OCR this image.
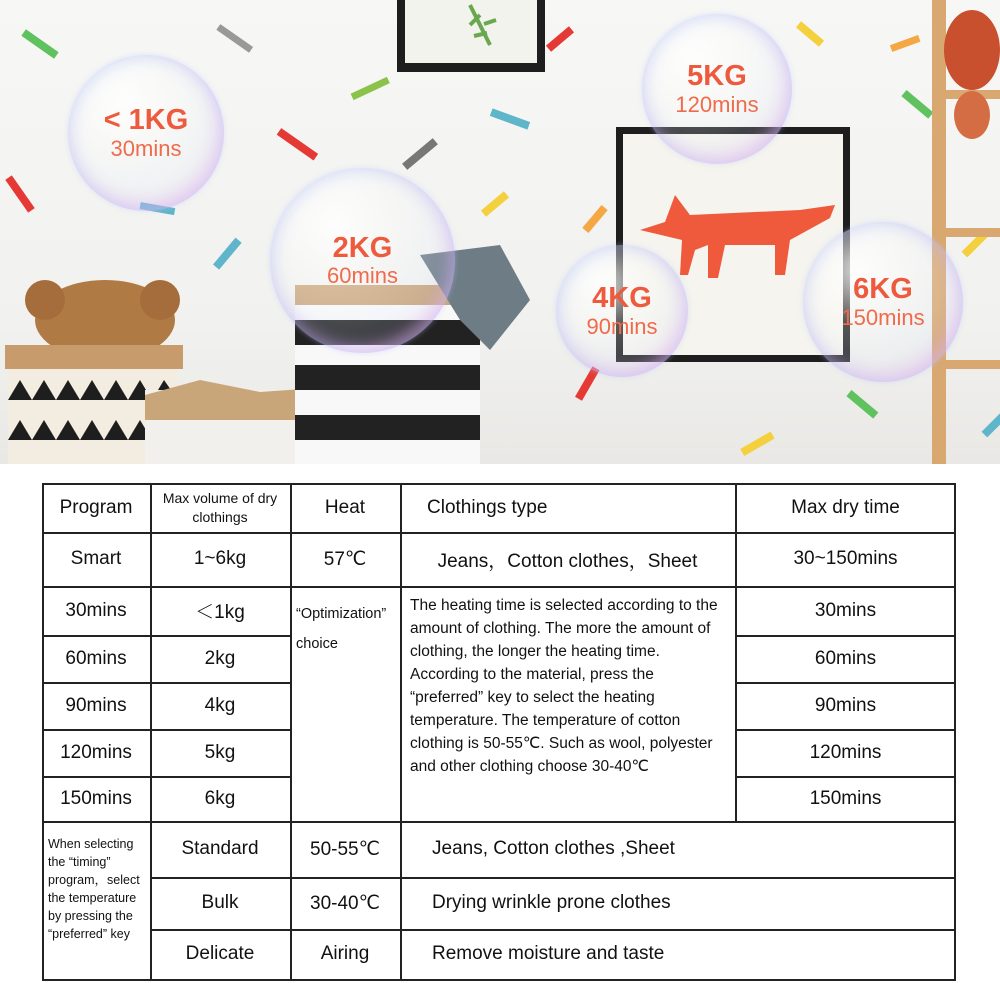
< 1KG
30mins
2KG
60mins
5KG
120mins
4KG
90mins
6KG
150mins
Program	Max volume of dry clothings	Heat	Clothings type	Max dry time
Smart	1~6kg	57℃	Jeans，Cotton clothes，Sheet	30~150mins
30mins	＜1kg	30mins
60mins	2kg	60mins
90mins	4kg	90mins
120mins	5kg	120mins
150mins	6kg	150mins
“Optimization” choice
The heating time is selected according to the amount of clothing. The more the amount of clothing, the longer the heating time. According to the material, press the “preferred” key to select the heating temperature. The temperature of cotton clothing is 50-55℃. Such as wool, polyester and other clothing choose 30-40℃
When selecting the “timing” program，select the temperature by pressing the “preferred” key
Standard	50-55℃	Jeans, Cotton clothes ,Sheet
Bulk	30-40℃	Drying wrinkle prone clothes
Delicate	Airing	Remove moisture and taste
